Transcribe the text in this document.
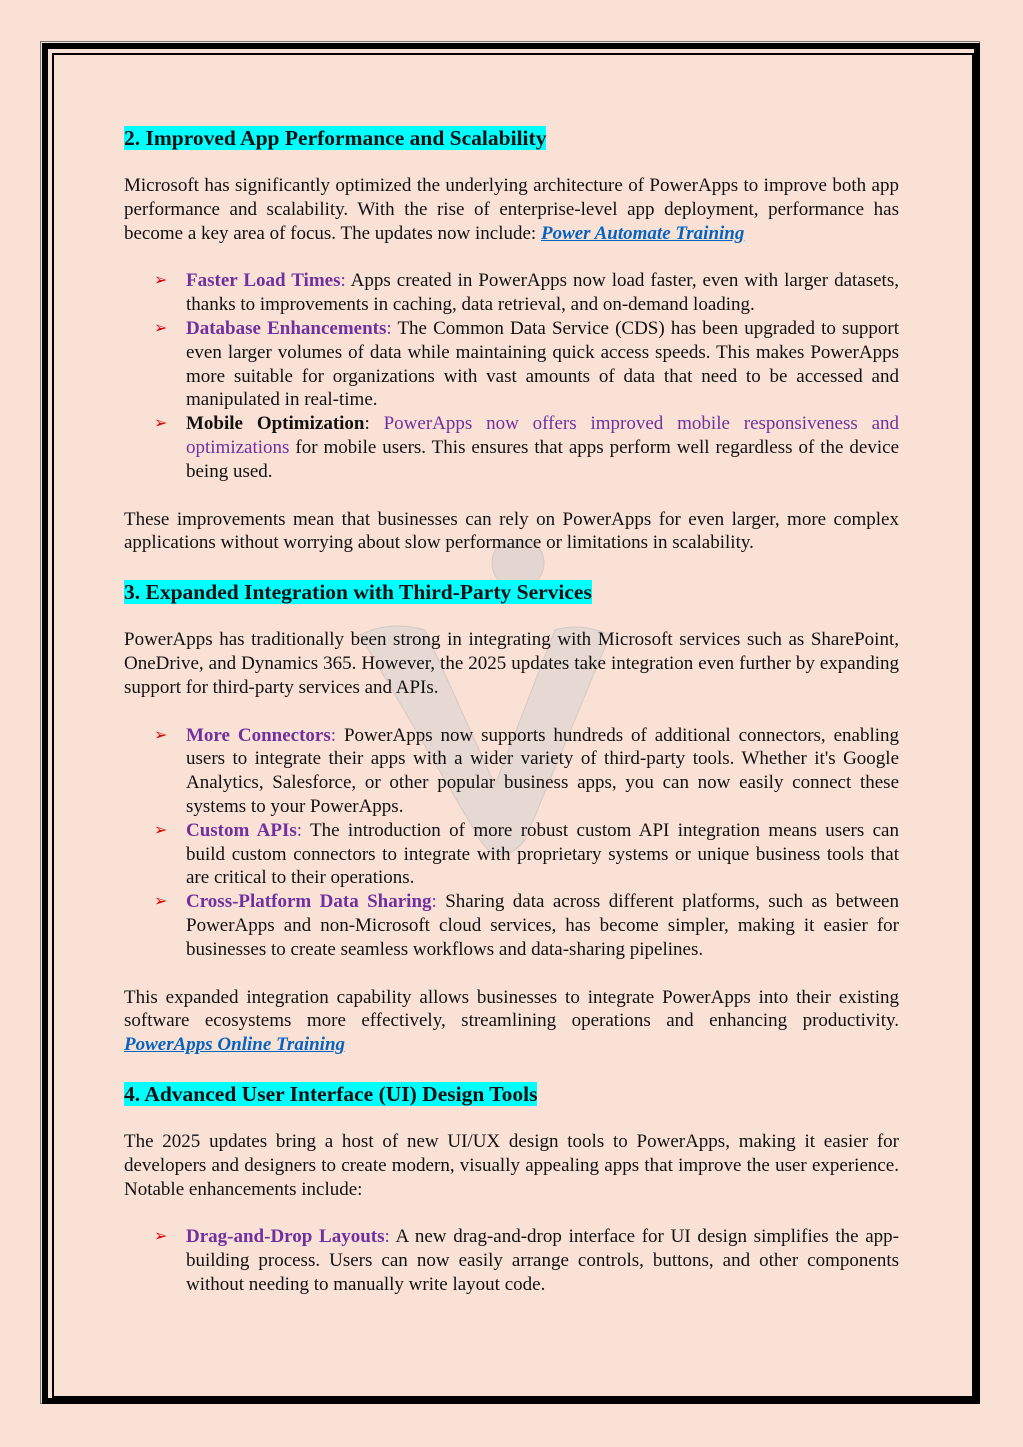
2. Improved App Performance and Scalability
Microsoft has significantly optimized the underlying architecture of PowerApps to improve both app performance and scalability. With the rise of enterprise-level app deployment, performance has become a key area of focus. The updates now include: Power Automate Training
➢ Faster Load Times: Apps created in PowerApps now load faster, even with larger datasets, thanks to improvements in caching, data retrieval, and on-demand loading.
➢ Database Enhancements: The Common Data Service (CDS) has been upgraded to support even larger volumes of data while maintaining quick access speeds. This makes PowerApps more suitable for organizations with vast amounts of data that need to be accessed and manipulated in real-time.
➢ Mobile Optimization: PowerApps now offers improved mobile responsiveness and optimizations for mobile users. This ensures that apps perform well regardless of the device being used.
These improvements mean that businesses can rely on PowerApps for even larger, more complex applications without worrying about slow performance or limitations in scalability.
3. Expanded Integration with Third-Party Services
PowerApps has traditionally been strong in integrating with Microsoft services such as SharePoint, OneDrive, and Dynamics 365. However, the 2025 updates take integration even further by expanding support for third-party services and APIs.
➢ More Connectors: PowerApps now supports hundreds of additional connectors, enabling users to integrate their apps with a wider variety of third-party tools. Whether it's Google Analytics, Salesforce, or other popular business apps, you can now easily connect these systems to your PowerApps.
➢ Custom APIs: The introduction of more robust custom API integration means users can build custom connectors to integrate with proprietary systems or unique business tools that are critical to their operations.
➢ Cross-Platform Data Sharing: Sharing data across different platforms, such as between PowerApps and non-Microsoft cloud services, has become simpler, making it easier for businesses to create seamless workflows and data-sharing pipelines.
This expanded integration capability allows businesses to integrate PowerApps into their existing software ecosystems more effectively, streamlining operations and enhancing productivity. PowerApps Online Training
4. Advanced User Interface (UI) Design Tools
The 2025 updates bring a host of new UI/UX design tools to PowerApps, making it easier for developers and designers to create modern, visually appealing apps that improve the user experience. Notable enhancements include:
➢ Drag-and-Drop Layouts: A new drag-and-drop interface for UI design simplifies the app-building process. Users can now easily arrange controls, buttons, and other components without needing to manually write layout code.
